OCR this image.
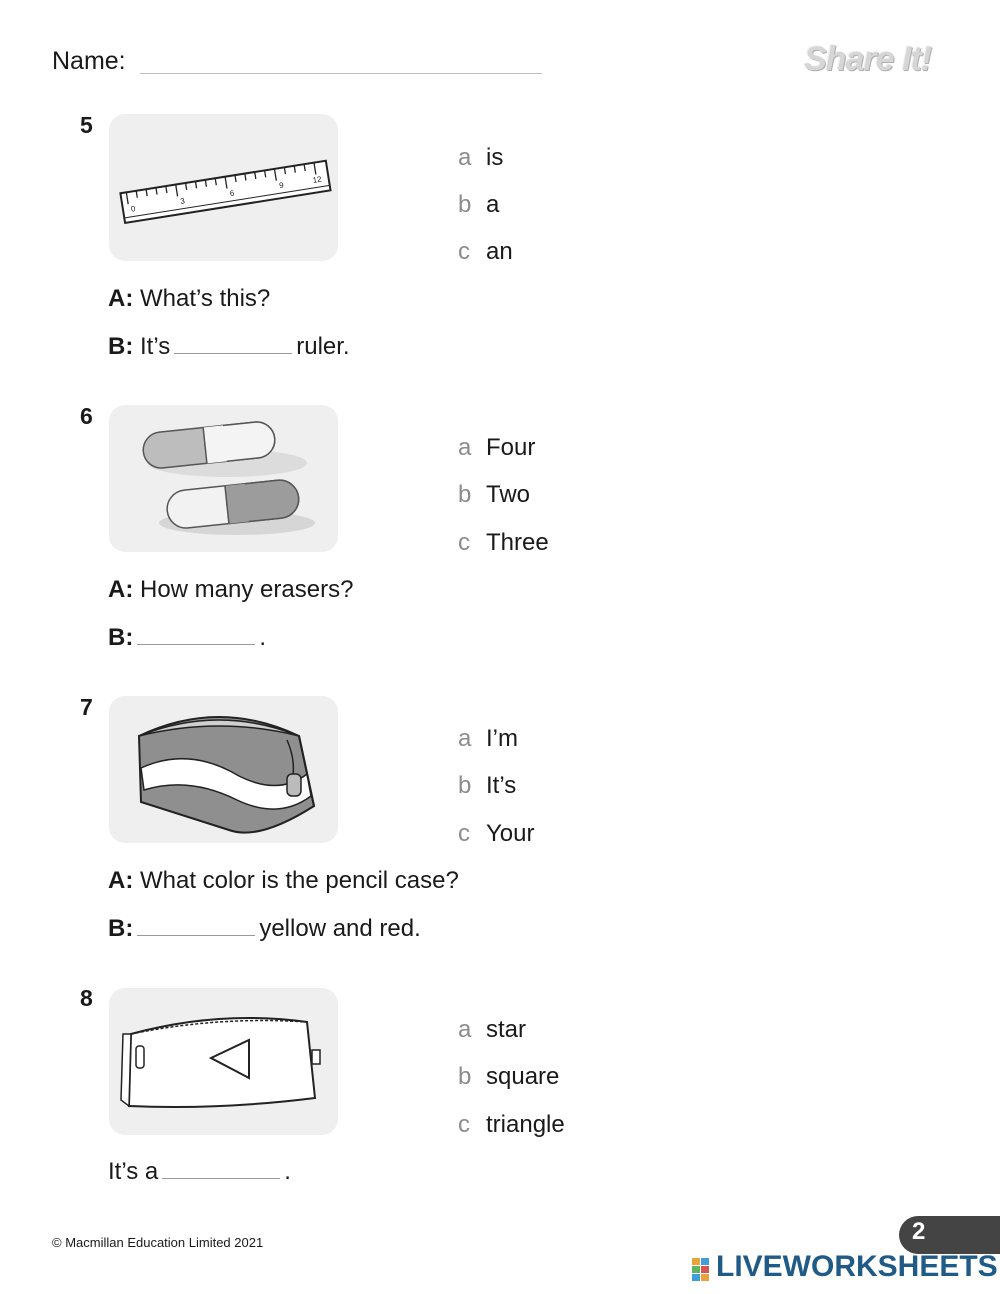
Name:	Share It!
5
0
3
6
9
12
a is
b a
c an
A: What’s this?
B: It’s	ruler.
6
a Four
b Two
c Three
A: How many erasers?
B:	.
7
a I’m
b It’s
c Your
A: What color is the pencil case?
B:	yellow and red.
8
a star
b square
c triangle
It’s a	.
© Macmillan Education Limited 2021	2
LIVEWORKSHEETS
